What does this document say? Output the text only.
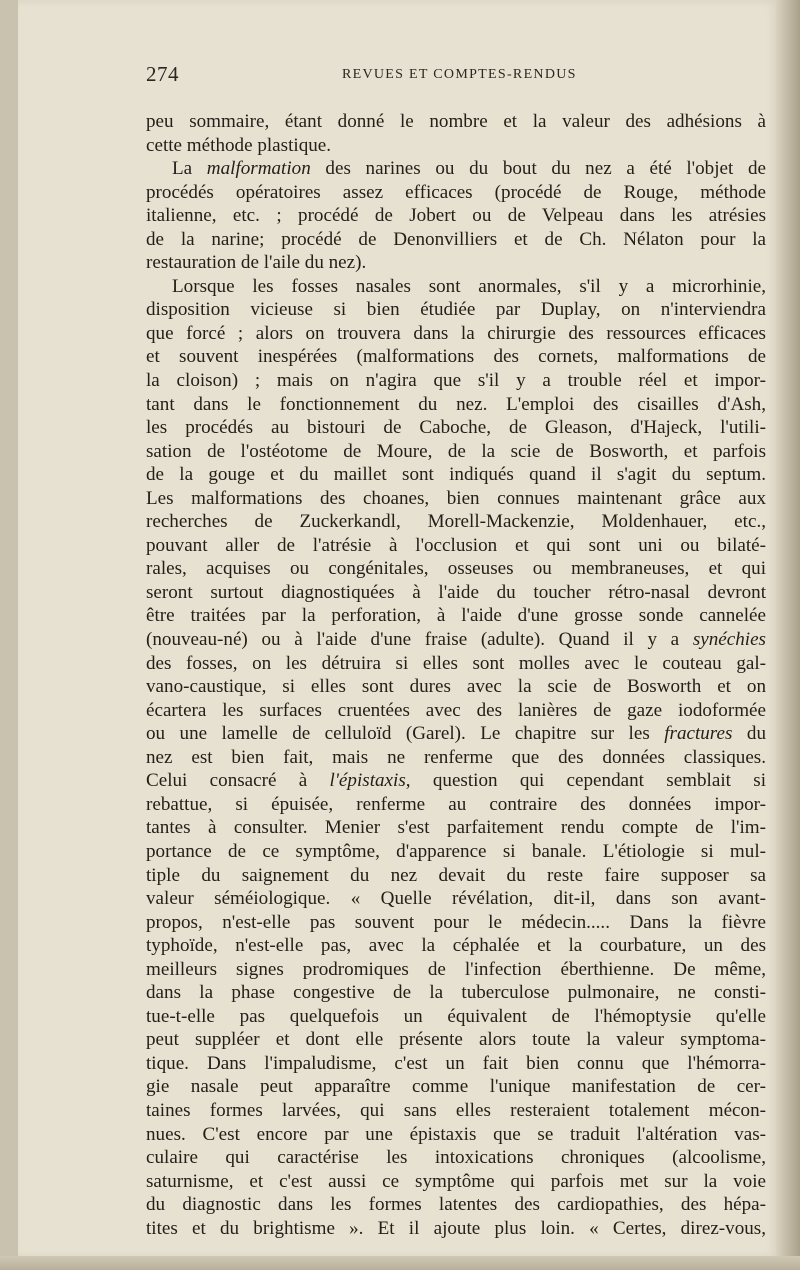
274	REVUES ET COMPTES-RENDUS
peu sommaire, étant donné le nombre et la valeur des adhésions à
cette méthode plastique.
La malformation des narines ou du bout du nez a été l'objet de
procédés opératoires assez efficaces (procédé de Rouge, méthode
italienne, etc. ; procédé de Jobert ou de Velpeau dans les atrésies
de la narine; procédé de Denonvilliers et de Ch. Nélaton pour la
restauration de l'aile du nez).
Lorsque les fosses nasales sont anormales, s'il y a microrhinie,
disposition vicieuse si bien étudiée par Duplay, on n'interviendra
que forcé ; alors on trouvera dans la chirurgie des ressources efficaces
et souvent inespérées (malformations des cornets, malformations de
la cloison) ; mais on n'agira que s'il y a trouble réel et impor-
tant dans le fonctionnement du nez. L'emploi des cisailles d'Ash,
les procédés au bistouri de Caboche, de Gleason, d'Hajeck, l'utili-
sation de l'ostéotome de Moure, de la scie de Bosworth, et parfois
de la gouge et du maillet sont indiqués quand il s'agit du septum.
Les malformations des choanes, bien connues maintenant grâce aux
recherches de Zuckerkandl, Morell-Mackenzie, Moldenhauer, etc.,
pouvant aller de l'atrésie à l'occlusion et qui sont uni ou bilaté-
rales, acquises ou congénitales, osseuses ou membraneuses, et qui
seront surtout diagnostiquées à l'aide du toucher rétro-nasal devront
être traitées par la perforation, à l'aide d'une grosse sonde cannelée
(nouveau-né) ou à l'aide d'une fraise (adulte). Quand il y a synéchies
des fosses, on les détruira si elles sont molles avec le couteau gal-
vano-caustique, si elles sont dures avec la scie de Bosworth et on
écartera les surfaces cruentées avec des lanières de gaze iodoformée
ou une lamelle de celluloïd (Garel). Le chapitre sur les fractures du
nez est bien fait, mais ne renferme que des données classiques.
Celui consacré à l'épistaxis, question qui cependant semblait si
rebattue, si épuisée, renferme au contraire des données impor-
tantes à consulter. Menier s'est parfaitement rendu compte de l'im-
portance de ce symptôme, d'apparence si banale. L'étiologie si mul-
tiple du saignement du nez devait du reste faire supposer sa
valeur séméiologique. « Quelle révélation, dit-il, dans son avant-
propos, n'est-elle pas souvent pour le médecin..... Dans la fièvre
typhoïde, n'est-elle pas, avec la céphalée et la courbature, un des
meilleurs signes prodromiques de l'infection éberthienne. De même,
dans la phase congestive de la tuberculose pulmonaire, ne consti-
tue-t-elle pas quelquefois un équivalent de l'hémoptysie qu'elle
peut suppléer et dont elle présente alors toute la valeur symptoma-
tique. Dans l'impaludisme, c'est un fait bien connu que l'hémorra-
gie nasale peut apparaître comme l'unique manifestation de cer-
taines formes larvées, qui sans elles resteraient totalement mécon-
nues. C'est encore par une épistaxis que se traduit l'altération vas-
culaire qui caractérise les intoxications chroniques (alcoolisme,
saturnisme, et c'est aussi ce symptôme qui parfois met sur la voie
du diagnostic dans les formes latentes des cardiopathies, des hépa-
tites et du brightisme ». Et il ajoute plus loin. « Certes, direz-vous,
